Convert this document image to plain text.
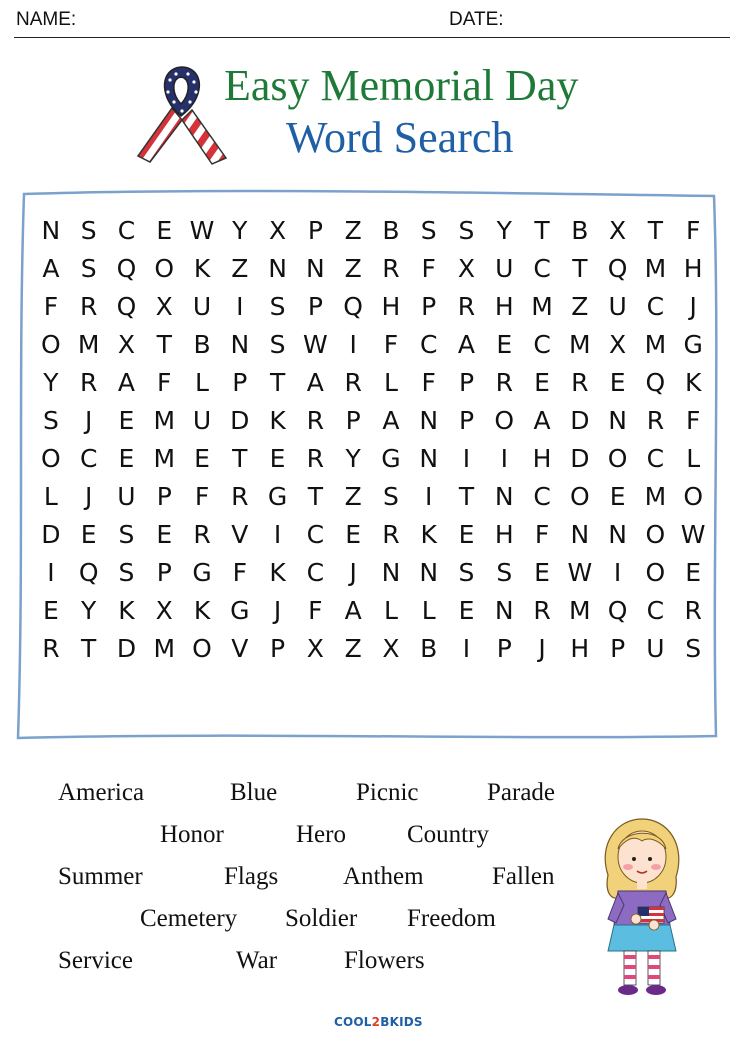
NAME:	DATE:
Easy Memorial Day
Word Search
N S C E W Y X P Z B S S Y T B X T F
A S Q O K Z N N Z R F X U C T Q M H
F R Q X U I	S P Q H P R H M Z U C	J
O M X T B N S W I	F C A E C M X M G
Y R A F L P T A R L F P R E R E Q K
S	J	E M U D K R P A N P O A D N R F
O C E M E T E R Y G N I	I H D O C L
L	J U P F R G T Z S	I	T N C O E M O
D E S E R V	I	C E R K E H F N N O W
I Q S P G F K C	J N N S S E W I O E
E Y K X K G J	F A L L E N R M Q C R
R T D M O V P X Z X B	I	P	J H P U S
America	Blue	Picnic	Parade
Honor	Hero Country
Summer	Flags	Anthem	Fallen
Cemetery Soldier Freedom
Service	War	Flowers
COOL2BKIDS
